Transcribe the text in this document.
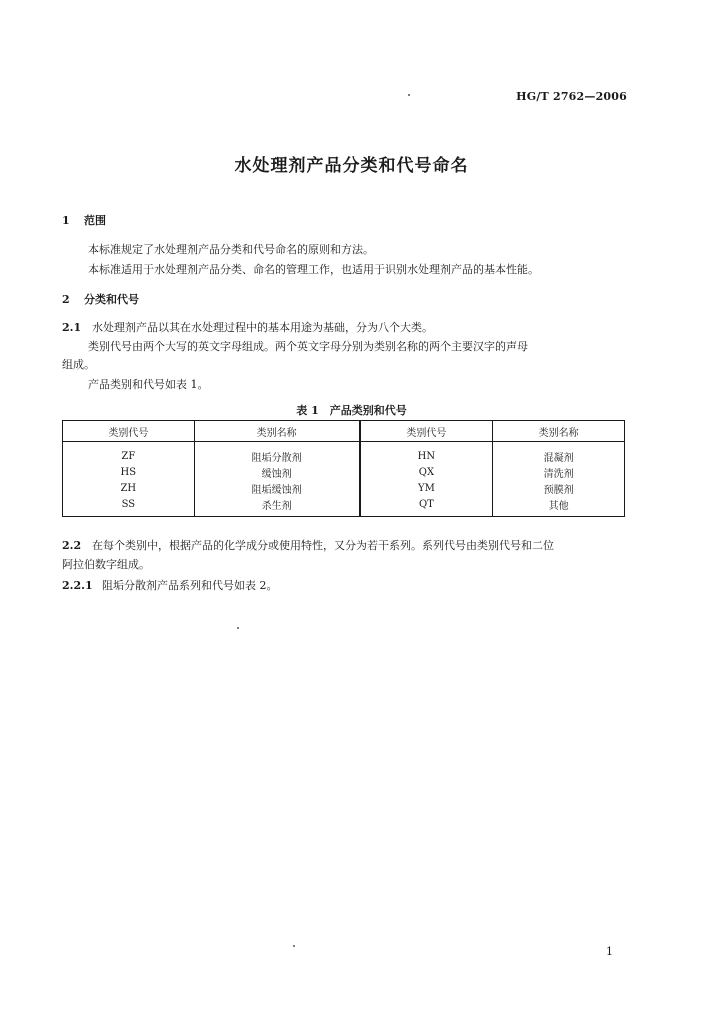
HG/T 2762—2006
水处理剂产品分类和代号命名
1 范围
本标准规定了水处理剂产品分类和代号命名的原则和方法。
本标准适用于水处理剂产品分类、命名的管理工作，也适用于识别水处理剂产品的基本性能。
2 分类和代号
2.1 水处理剂产品以其在水处理过程中的基本用途为基础，分为八个大类。
类别代号由两个大写的英文字母组成。两个英文字母分别为类别名称的两个主要汉字的声母
组成。
产品类别和代号如表 1。
表 1　产品类别和代号
类别代号	类别名称	类别代号	类别名称
ZF	阻垢分散剂	HN	混凝剂
HS	缓蚀剂	QX	清洗剂
ZH	阻垢缓蚀剂	YM	预膜剂
SS	杀生剂	QT	其他
2.2 在每个类别中，根据产品的化学成分或使用特性，又分为若干系列。系列代号由类别代号和二位
阿拉伯数字组成。
2.2.1 阻垢分散剂产品系列和代号如表 2。
1
